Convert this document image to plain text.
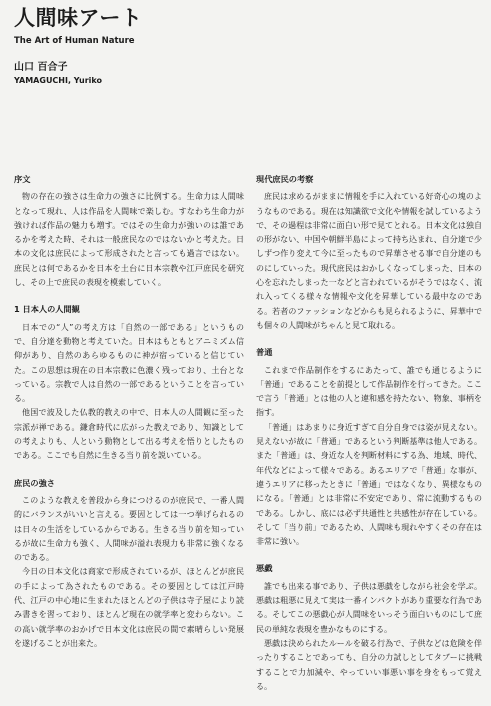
人間味アート
The Art of Human Nature
山口 百合子
YAMAGUCHI, Yuriko
序文

物の存在の強さは生命力の強さに比例する。生命力は人間味となって現れ、人は作品を人間味で楽しむ。すなわち生命力が強ければ作品の魅力も増す。ではその生命力が強いのは誰であるかを考えた時、それは一般庶民なのではないかと考えた。日本の文化は庶民によって形成されたと言っても過言ではない。庶民とは何であるかを日本を土台に日本宗教や江戸庶民を研究し、その上で庶民の表現を模索していく。

1 日本人の人間観

日本での“人”の考え方は「自然の一部である」というもので、自分達を動物と考えていた。日本はもともとアニミズム信仰があり、自然のあらゆるものに神が宿っていると信じていた。この思想は現在の日本宗教に色濃く残っており、土台となっている。宗教で人は自然の一部であるということを言っている。

他国で波及した仏教的教えの中で、日本人の人間観に至った宗派が禅である。鎌倉時代に広がった教えであり、知識としての考えよりも、人という動物として出る考えを悟りとしたものである。ここでも自然に生きる当り前を説いている。

庶民の強さ

このような教えを普段から身につけるのが庶民で、一番人間的にバランスがいいと言える。要因としては一つ挙げられるのは日々の生活をしているからである。生きる当り前を知っているが故に生命力も強く、人間味が溢れ表現力も非常に強くなるのである。

今日の日本文化は商家で形成されているが、ほとんどが庶民の手によって為されたものである。その要因としては江戸時代、江戸の中心地に生まれたほとんどの子供は寺子屋により読み書きを習っており、ほとんど現在の就学率と変わらない。この高い就学率のおかげで日本文化は庶民の間で素晴らしい発展を遂げることが出来た。

現代庶民の考察

庶民は求めるがままに情報を手に入れている好奇心の塊のようなものである。現在は知識欲で文化や情報を試しているようで、その過程は非常に面白い形で見てとれる。日本文化は独自の形がない、中国や朝鮮半島によって持ち込まれ、自分達で少しずつ作り変えて今に至ったもので昇華させる事で自分達のものにしていった。現代庶民はおかしくなってしまった、日本の心を忘れたしまった一などと言われているがそうではなく、流れ入ってくる様々な情報や文化を昇華している最中なのである。若者のファッションなどからも見られるように、昇華中でも個々の人間味がちゃんと見て取れる。

普通

これまで作品制作をするにあたって、誰でも通じるように「普通」であることを前提として作品制作を行ってきた。ここで言う「普通」とは他の人と違和感を持たない、物象、事柄を指す。

「普通」はあまりに身近すぎて自分自身では姿が見えない。見えないが故に「普通」であるという判断基準は他人である。また「普通」は、身近な人を判断材料にする為、地域、時代、年代などによって様々である。あるエリアで「普通」な事が、違うエリアに移ったときに「普通」ではなくなり、異様なものになる。「普通」とは非常に不安定であり、常に流動するものである。しかし、底には必ず共通性と共感性が存在している。そして「当り前」であるため、人間味も現れやすくその存在は非常に強い。

悪戯

誰でも出来る事であり、子供は悪戯をしながら社会を学ぶ。悪戯は粗悪に見えて実は一番インパクトがあり重要な行為である。そしてこの悪戯心が人間味をいっそう面白いものにして庶民の単純な表現を豊かなものにする。

悪戯は決められたルールを破る行為で、子供などは危険を伴ったりすることであっても、自分の力試しとしてタブーに挑戦することで力加減や、やっていい事悪い事を身をもって覚える。
